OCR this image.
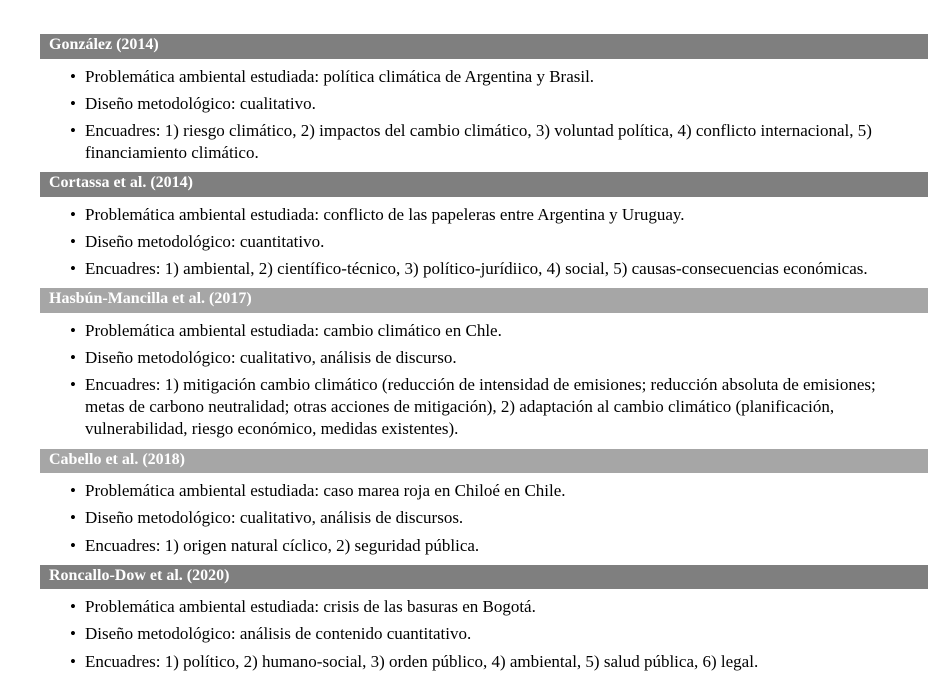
González (2014)
• Problemática ambiental estudiada: política climática de Argentina y Brasil.
• Diseño metodológico: cualitativo.
• Encuadres: 1) riesgo climático, 2) impactos del cambio climático, 3) voluntad política, 4) conflicto internacional, 5) financiamiento climático.
Cortassa et al. (2014)
• Problemática ambiental estudiada: conflicto de las papeleras entre Argentina y Uruguay.
• Diseño metodológico: cuantitativo.
• Encuadres: 1) ambiental, 2) científico-técnico, 3) político-jurídiico, 4) social, 5) causas-consecuencias económicas.
Hasbún-Mancilla et al. (2017)
• Problemática ambiental estudiada: cambio climático en Chle.
• Diseño metodológico: cualitativo, análisis de discurso.
• Encuadres: 1) mitigación cambio climático (reducción de intensidad de emisiones; reducción absoluta de emisiones; metas de carbono neutralidad; otras acciones de mitigación), 2) adaptación al cambio climático (planificación, vulnerabilidad, riesgo económico, medidas existentes).
Cabello et al. (2018)
• Problemática ambiental estudiada: caso marea roja en Chiloé en Chile.
• Diseño metodológico: cualitativo, análisis de discursos.
• Encuadres: 1) origen natural cíclico, 2) seguridad pública.
Roncallo-Dow et al. (2020)
• Problemática ambiental estudiada: crisis de las basuras en Bogotá.
• Diseño metodológico: análisis de contenido cuantitativo.
• Encuadres: 1) político, 2) humano-social, 3) orden público, 4) ambiental, 5) salud pública, 6) legal.
